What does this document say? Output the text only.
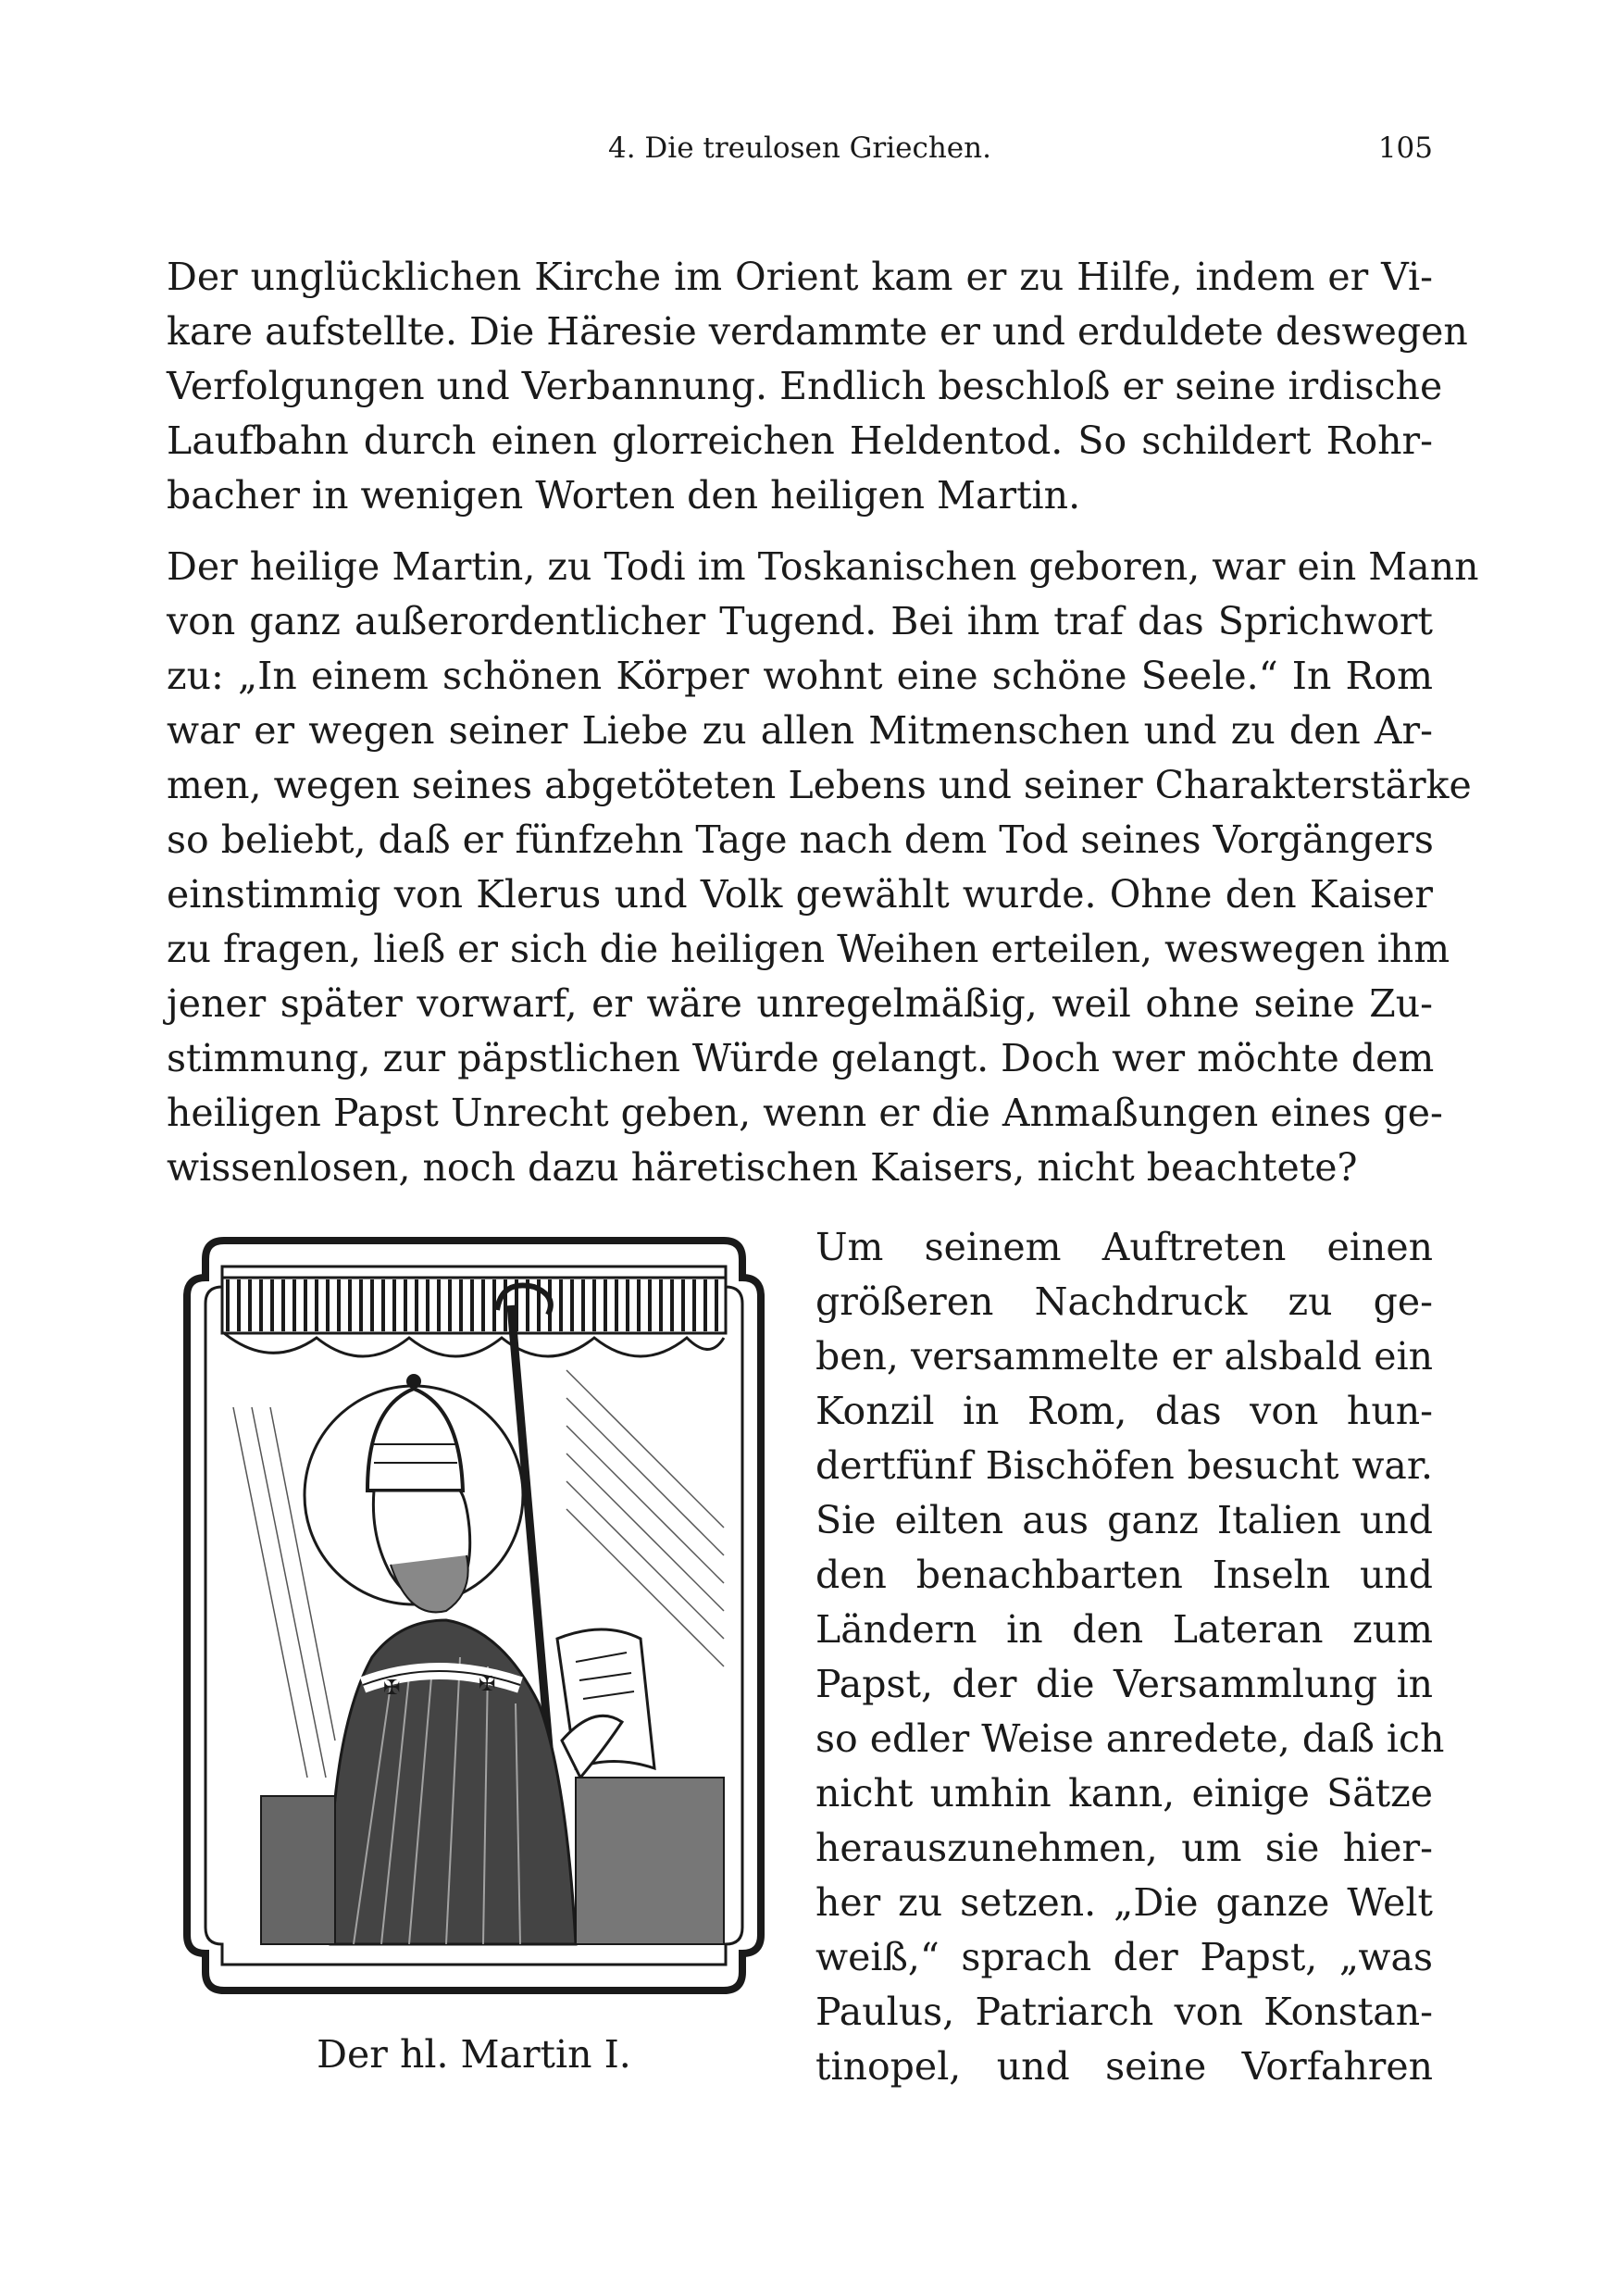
4. Die treulosen Griechen.	105

Der unglücklichen Kirche im Orient kam er zu Hilfe, indem er Vi-
kare aufstellte. Die Häresie verdammte er und erduldete deswegen
Verfolgungen und Verbannung. Endlich beschloß er seine irdische
Laufbahn durch einen glorreichen Heldentod. So schildert Rohr-
bacher in wenigen Worten den heiligen Martin.

Der heilige Martin, zu Todi im Toskanischen geboren, war ein Mann
von ganz außerordentlicher Tugend. Bei ihm traf das Sprichwort
zu: „In einem schönen Körper wohnt eine schöne Seele.“ In Rom
war er wegen seiner Liebe zu allen Mitmenschen und zu den Ar-
men, wegen seines abgetöteten Lebens und seiner Charakterstärke
so beliebt, daß er fünfzehn Tage nach dem Tod seines Vorgängers
einstimmig von Klerus und Volk gewählt wurde. Ohne den Kaiser
zu fragen, ließ er sich die heiligen Weihen erteilen, weswegen ihm
jener später vorwarf, er wäre unregelmäßig, weil ohne seine Zu-
stimmung, zur päpstlichen Würde gelangt. Doch wer möchte dem
heiligen Papst Unrecht geben, wenn er die Anmaßungen eines ge-
wissenlosen, noch dazu häretischen Kaisers, nicht beachtete?

✠	✠
Der hl. Martin I.
Um seinem Auftreten einen
größeren Nachdruck zu ge-
ben, versammelte er alsbald ein
Konzil in Rom, das von hun-
dertfünf Bischöfen besucht war.
Sie eilten aus ganz Italien und
den benachbarten Inseln und
Ländern in den Lateran zum
Papst, der die Versammlung in
so edler Weise anredete, daß ich
nicht umhin kann, einige Sätze
herauszunehmen, um sie hier-
her zu setzen. „Die ganze Welt
weiß,“ sprach der Papst, „was
Paulus, Patriarch von Konstan-
tinopel, und seine Vorfahren
